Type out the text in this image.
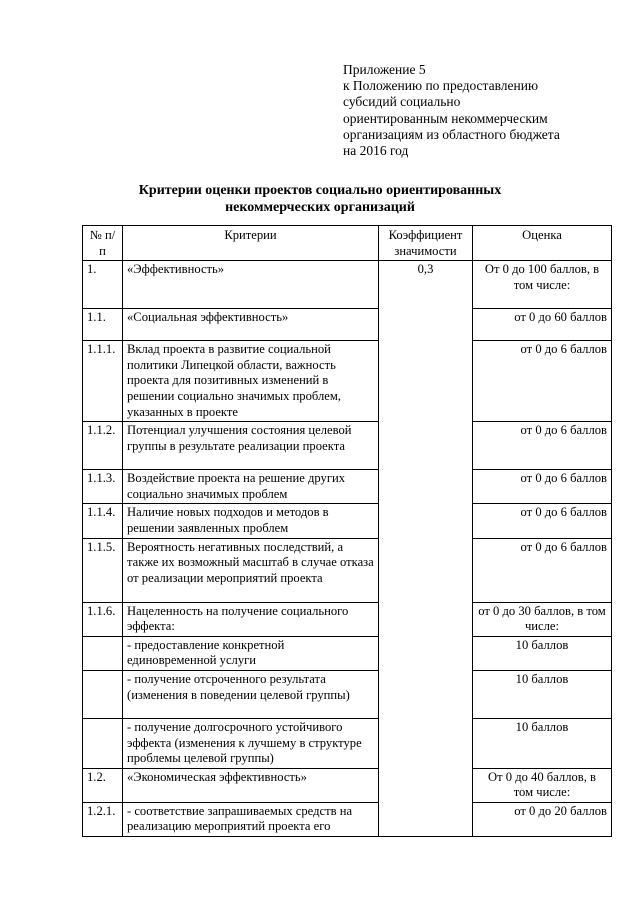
Приложение 5
к Положению по предоставлению
субсидий социально
ориентированным некоммерческим
организациям из областного бюджета
на 2016 год
Критерии оценки проектов социально ориентированных
некоммерческих организаций
№ п/п	Критерии	Коэффициент значимости	Оценка
1.	«Эффективность»	0,3	От 0 до 100 баллов, в том числе:
1.1.	«Социальная эффективность»		от 0 до 60 баллов
1.1.1.	Вклад проекта в развитие социальной политики Липецкой области, важность проекта для позитивных изменений в решении социально значимых проблем, указанных в проекте		от 0 до 6 баллов
1.1.2.	Потенциал улучшения состояния целевой группы в результате реализации проекта		от 0 до 6 баллов
1.1.3.	Воздействие проекта на решение других социально значимых проблем		от 0 до 6 баллов
1.1.4.	Наличие новых подходов и методов в решении заявленных проблем		от 0 до 6 баллов
1.1.5.	Вероятность негативных последствий, а также их возможный масштаб в случае отказа от реализации мероприятий проекта		от 0 до 6 баллов
1.1.6.	Нацеленность на получение социального эффекта:		от 0 до 30 баллов, в том числе:
	- предоставление конкретной единовременной услуги		10 баллов
	- получение отсроченного результата (изменения в поведении целевой группы)		10 баллов
	- получение долгосрочного устойчивого эффекта (изменения к лучшему в структуре проблемы целевой группы)		10 баллов
1.2.	«Экономическая эффективность»		От 0 до 40 баллов, в том числе:
1.2.1.	- соответствие запрашиваемых средств на реализацию мероприятий проекта его		от 0 до 20 баллов
